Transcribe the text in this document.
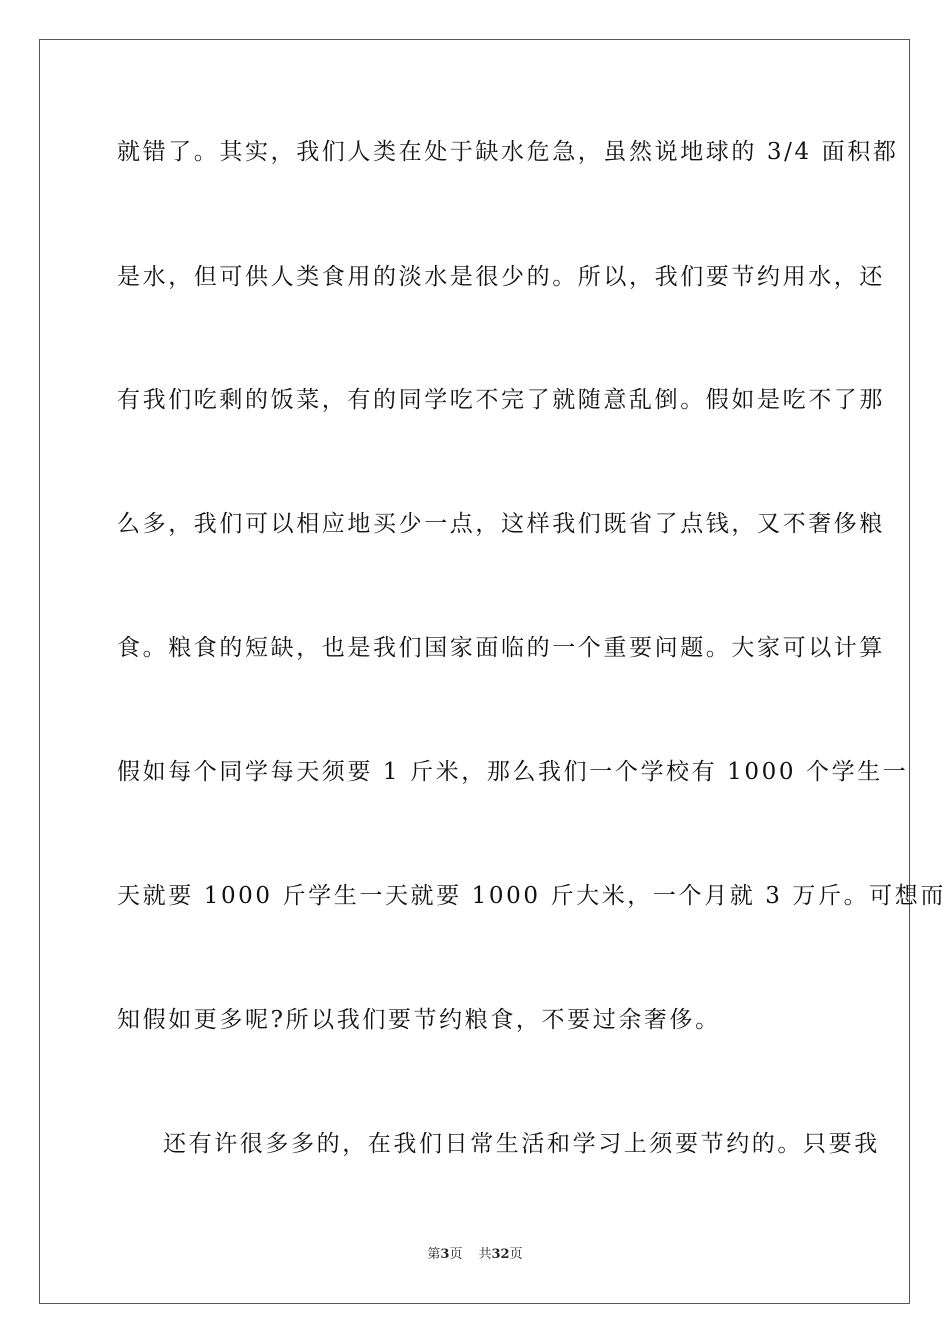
就错了。其实，我们人类在处于缺水危急，虽然说地球的 3/4 面积都
是水，但可供人类食用的淡水是很少的。所以，我们要节约用水，还
有我们吃剩的饭菜，有的同学吃不完了就随意乱倒。假如是吃不了那
么多，我们可以相应地买少一点，这样我们既省了点钱，又不奢侈粮
食。粮食的短缺，也是我们国家面临的一个重要问题。大家可以计算
假如每个同学每天须要 1 斤米，那么我们一个学校有 1000 个学生一
天就要 1000 斤学生一天就要 1000 斤大米，一个月就 3 万斤。可想而
知假如更多呢?所以我们要节约粮食，不要过余奢侈。
还有许很多多的，在我们日常生活和学习上须要节约的。只要我
第3页 共32页
